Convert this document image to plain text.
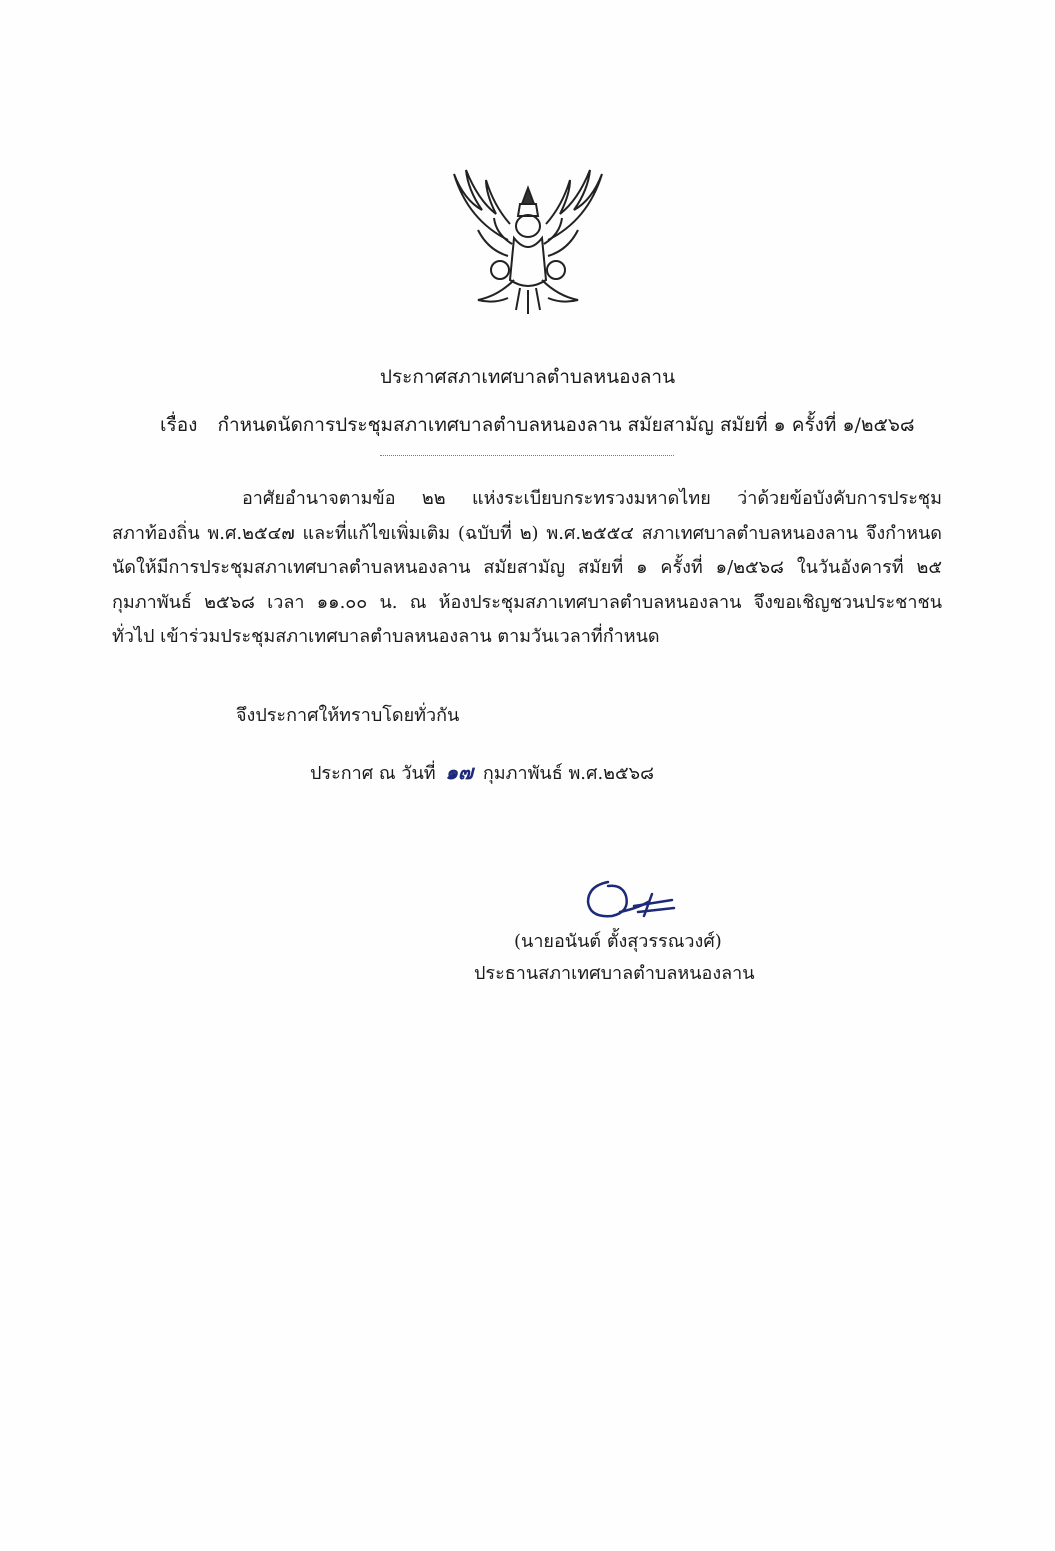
ประกาศสภาเทศบาลตำบลหนองลาน
เรื่อง กำหนดนัดการประชุมสภาเทศบาลตำบลหนองลาน สมัยสามัญ สมัยที่ ๑ ครั้งที่ ๑/๒๕๖๘
อาศัยอำนาจตามข้อ ๒๒ แห่งระเบียบกระทรวงมหาดไทย ว่าด้วยข้อบังคับการประชุม
สภาท้องถิ่น พ.ศ.๒๕๔๗ และที่แก้ไขเพิ่มเติม (ฉบับที่ ๒) พ.ศ.๒๕๕๔ สภาเทศบาลตำบลหนองลาน จึงกำหนด
นัดให้มีการประชุมสภาเทศบาลตำบลหนองลาน สมัยสามัญ สมัยที่ ๑ ครั้งที่ ๑/๒๕๖๘ ในวันอังคารที่ ๒๕
กุมภาพันธ์ ๒๕๖๘ เวลา ๑๑.๐๐ น. ณ ห้องประชุมสภาเทศบาลตำบลหนองลาน จึงขอเชิญชวนประชาชน
ทั่วไป เข้าร่วมประชุมสภาเทศบาลตำบลหนองลาน ตามวันเวลาที่กำหนด
จึงประกาศให้ทราบโดยทั่วกัน
ประกาศ ณ วันที่ ๑๗ กุมภาพันธ์ พ.ศ.๒๕๖๘
(นายอนันต์ ตั้งสุวรรณวงศ์)
ประธานสภาเทศบาลตำบลหนองลาน
